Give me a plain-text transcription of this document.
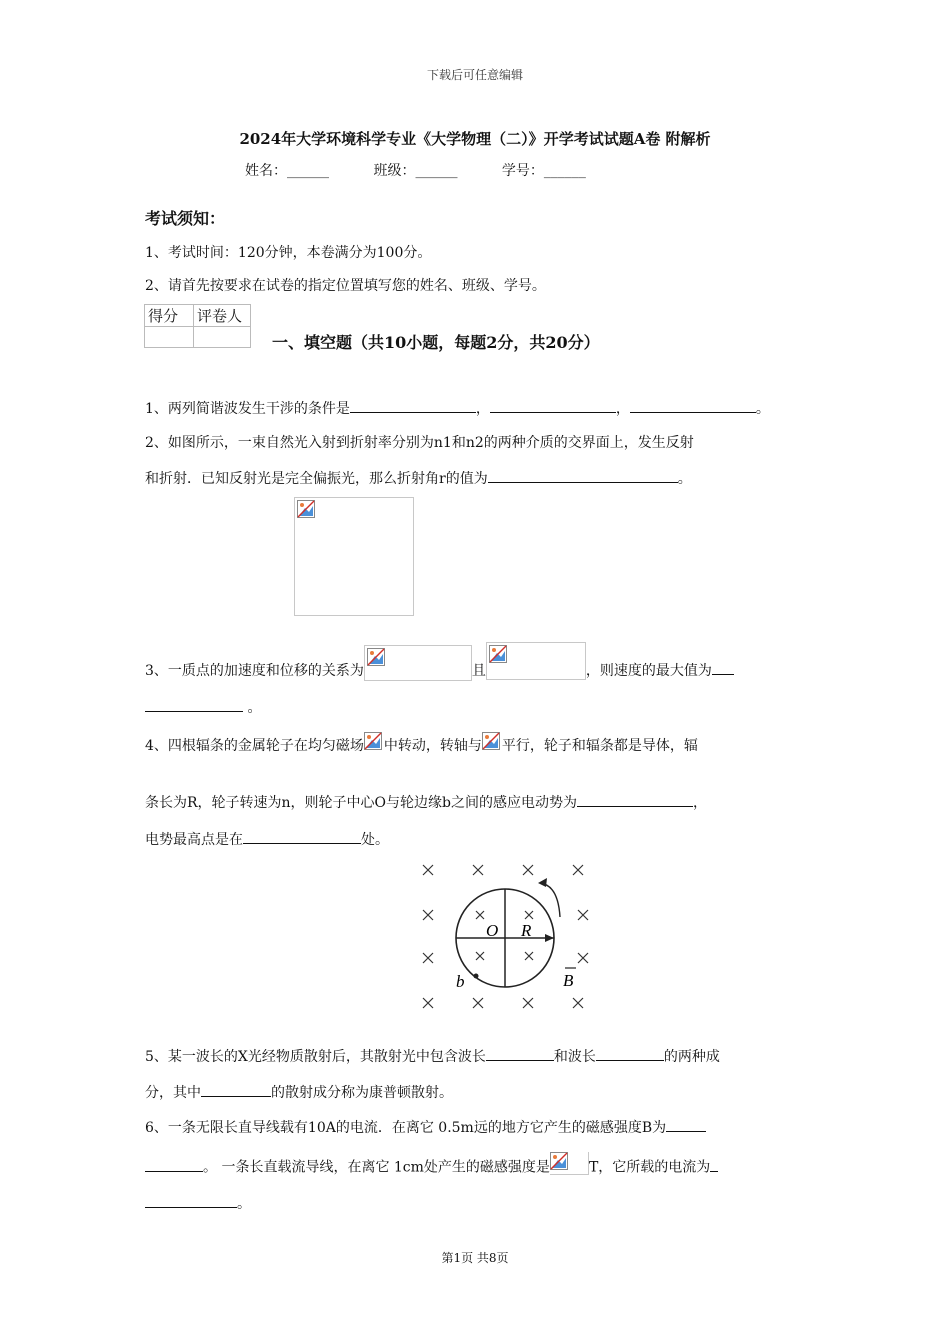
下载后可任意编辑
2024年大学环境科学专业《大学物理（二）》开学考试试题A卷 附解析
姓名：______	班级：______	学号：______
考试须知：
1、考试时间：120分钟，本卷满分为100分。
2、请首先按要求在试卷的指定位置填写您的姓名、班级、学号。
得分	评卷人

一、填空题（共10小题，每题2分，共20分）
1、两列简谐波发生干涉的条件是	，	，	。
2、如图所示，一束自然光入射到折射率分别为n1和n2的两种介质的交界面上，发生反射
和折射．已知反射光是完全偏振光，那么折射角r的值为	。
3、一质点的加速度和位移的关系为	且	，则速度的最大值为
。
4、四根辐条的金属轮子在均匀磁场 中转动，转轴与 平行，轮子和辐条都是导体，辐
条长为R，轮子转速为n，则轮子中心O与轮边缘b之间的感应电动势为	，
电势最高点是在	处。
O R
b	B
5、某一波长的X光经物质散射后，其散射光中包含波长	和波长	的两种成
分，其中	的散射成分称为康普顿散射。
6、一条无限长直导线载有10A的电流．在离它 0.5m远的地方它产生的磁感强度B为
。 一条长直载流导线，在离它 1cm处产生的磁感强度是	T，它所载的电流为
。
第1页 共8页
